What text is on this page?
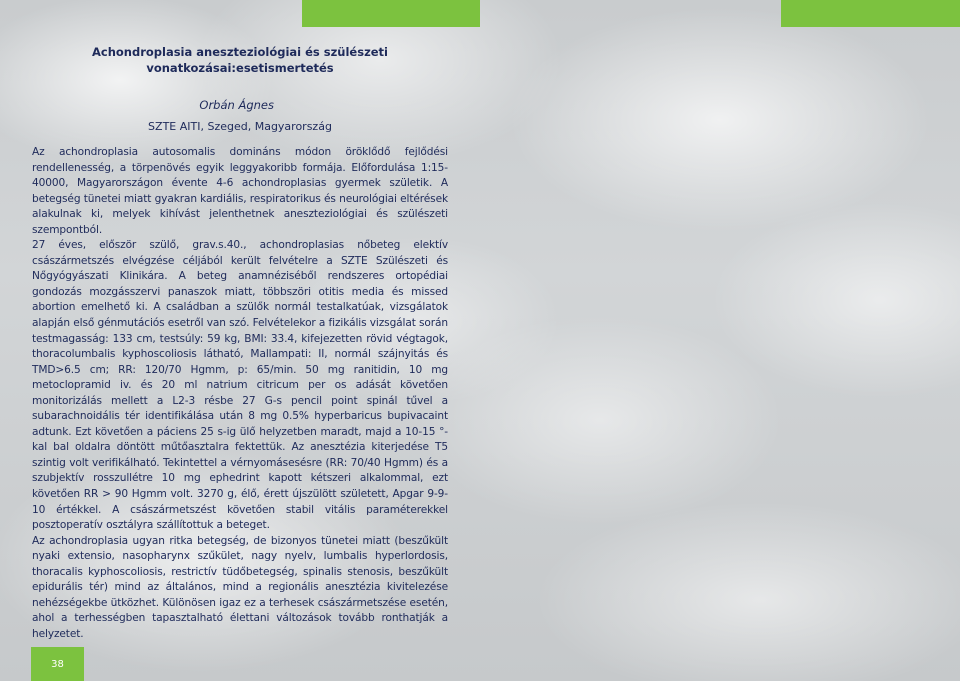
Achondroplasia aneszteziológiai és szülészeti
vonatkozásai:esetismertetés
Orbán Ágnes
SZTE AITI, Szeged, Magyarország

Az achondroplasia autosomalis domináns módon öröklődő fejlődési rendellenesség, a törpenövés egyik leggyakoribb formája. Előfordulása 1:15-40000, Magyarországon évente 4-6 achondroplasias gyermek születik. A betegség tünetei miatt gyakran kardiális, respiratorikus és neurológiai eltérések alakulnak ki, melyek kihívást jelenthetnek aneszteziológiai és szülészeti szempontból.

27 éves, először szülő, grav.s.40., achondroplasias nőbeteg elektív császármetszés elvégzése céljából került felvételre a SZTE Szülészeti és Nőgyógyászati Klinikára. A beteg anamnéziséből rendszeres ortopédiai gondozás mozgásszervi panaszok miatt, többszöri otitis media és missed abortion emelhető ki. A családban a szülők normál testalkatúak, vizsgálatok alapján első génmutációs esetről van szó. Felvételekor a fizikális vizsgálat során testmagasság: 133 cm, testsúly: 59 kg, BMI: 33.4, kifejezetten rövid végtagok, thoracolumbalis kyphoscoliosis látható, Mallampati: II, normál szájnyitás és TMD>6.5 cm; RR: 120/70 Hgmm, p: 65/min. 50 mg ranitidin, 10 mg metoclopramid iv. és 20 ml natrium citricum per os adását követően monitorizálás mellett a L2-3 résbe 27 G-s pencil point spinál tűvel a subarachnoidális tér identifikálása után 8 mg 0.5% hyperbaricus bupivacaint adtunk. Ezt követően a páciens 25 s-ig ülő helyzetben maradt, majd a 10-15 °-kal bal oldalra döntött műtőasztalra fektettük. Az anesztézia kiterjedése T5 szintig volt verifikálható. Tekintettel a vérnyomásesésre (RR: 70/40 Hgmm) és a szubjektív rosszullétre 10 mg ephedrint kapott kétszeri alkalommal, ezt követően RR > 90 Hgmm volt. 3270 g, élő, érett újszülött született, Apgar 9-9-10 értékkel. A császármetszést követően stabil vitális paraméterekkel posztoperatív osztályra szállítottuk a beteget.

Az achondroplasia ugyan ritka betegség, de bizonyos tünetei miatt (beszűkült nyaki extensio, nasopharynx szűkület, nagy nyelv, lumbalis hyperlordosis, thoracalis kyphoscoliosis, restrictív tüdőbetegség, spinalis stenosis, beszűkült epidurális tér) mind az általános, mind a regionális anesztézia kivitelezése nehézségekbe ütközhet. Különösen igaz ez a terhesek császármetszése esetén, ahol a terhességben tapasztalható élettani változások tovább ronthatják a helyzetet.

38
